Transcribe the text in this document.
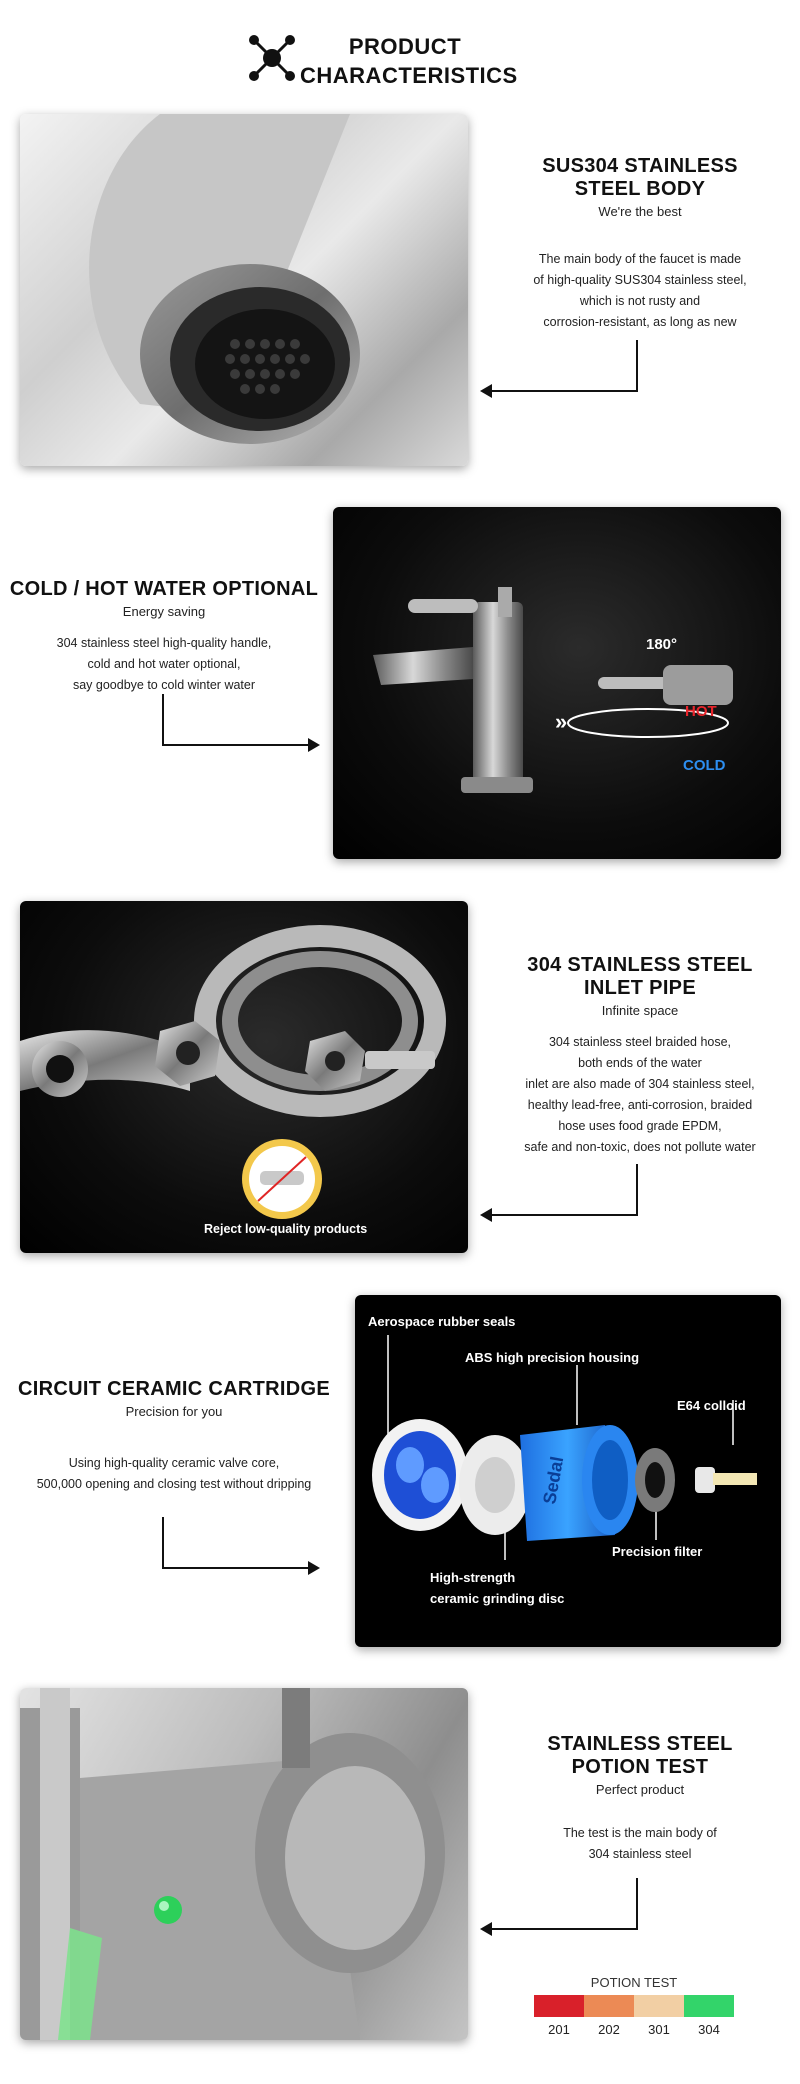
PRODUCT
CHARACTERISTICS
SUS304 STAINLESS
STEEL BODY
We're the best
The main body of the faucet is made
of high-quality SUS304 stainless steel,
which is not rusty and
corrosion-resistant, as long as new
COLD / HOT WATER OPTIONAL
Energy saving
304 stainless steel high-quality handle,
cold and hot water optional,
say goodbye to cold winter water
»
180°
HOT
COLD
Reject low-quality products
304 STAINLESS STEEL
INLET PIPE
Infinite space
304 stainless steel braided hose,
both ends of the water
inlet are also made of 304 stainless steel,
healthy lead-free, anti-corrosion, braided
hose uses food grade EPDM,
safe and non-toxic, does not pollute water
CIRCUIT CERAMIC CARTRIDGE
Precision for you
Using high-quality ceramic valve core,
500,000 opening and closing test without dripping	Sedal
Aerospace rubber seals
ABS high precision housing
E64 colloid
Precision filter
High-strength
ceramic grinding disc
STAINLESS STEEL
POTION TEST
Perfect product
The test is the main body of
304 stainless steel
POTION TEST
201	202	301	304
